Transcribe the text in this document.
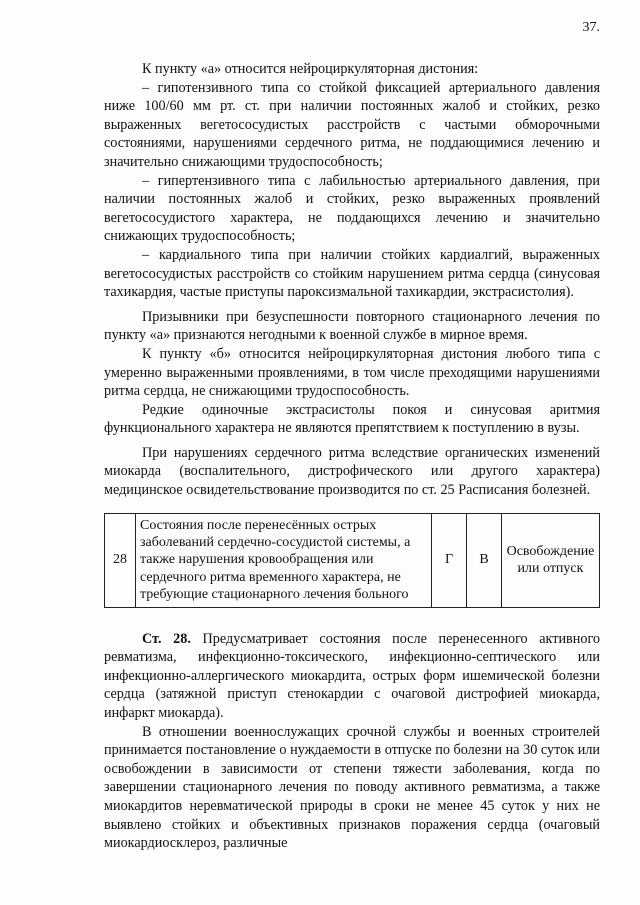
37.

К пункту «а» относится нейроциркуляторная дистония:

– гипотензивного типа со стойкой фиксацией артериального давления ниже 100/60 мм рт. ст. при наличии постоянных жалоб и стойких, резко выраженных вегетососудистых расстройств с частыми обморочными состояниями, нарушениями сердечного ритма, не поддающимися лечению и значительно снижающими трудоспособность;

– гипертензивного типа с лабильностью артериального давления, при наличии постоянных жалоб и стойких, резко выраженных проявлений вегетососудистого характера, не поддающихся лечению и значительно снижающих трудоспособность;

– кардиального типа при наличии стойких кардиалгий, выраженных вегетососудистых расстройств со стойким нарушением ритма сердца (синусовая тахикардия, частые приступы пароксизмальной тахикардии, экстрасистолия).

Призывники при безуспешности повторного стационарного лечения по пункту «а» признаются негодными к военной службе в мирное время.

К пункту «б» относится нейроциркуляторная дистония любого типа с умеренно выраженными проявлениями, в том числе преходящими нарушениями ритма сердца, не снижающими трудоспособность.

Редкие одиночные экстрасистолы покоя и синусовая аритмия функционального характера не являются препятствием к поступлению в вузы.

При нарушениях сердечного ритма вследствие органических изменений миокарда (воспалительного, дистрофического или другого характера) медицинское освидетельствование производится по ст. 25 Расписания болезней.

28	Состояния после перенесённых острых заболеваний сердечно-сосудистой системы, а также нарушения кровообращения или сердечного ритма временного характера, не требующие стационарного лечения больного	Г	В	Освобождение или отпуск

Ст. 28. Предусматривает состояния после перенесенного активного ревматизма, инфекционно-токсического, инфекционно-септического или инфекционно-аллергического миокардита, острых форм ишемической болезни сердца (затяжной приступ стенокардии с очаговой дистрофией миокарда, инфаркт миокарда).

В отношении военнослужащих срочной службы и военных строителей принимается постановление о нуждаемости в отпуске по болезни на 30 суток или освобождении в зависимости от степени тяжести заболевания, когда по завершении стационарного лечения по поводу активного ревматизма, а также миокардитов неревматической природы в сроки не менее 45 суток у них не выявлено стойких и объективных признаков поражения сердца (очаговый миокардиосклероз, различные
